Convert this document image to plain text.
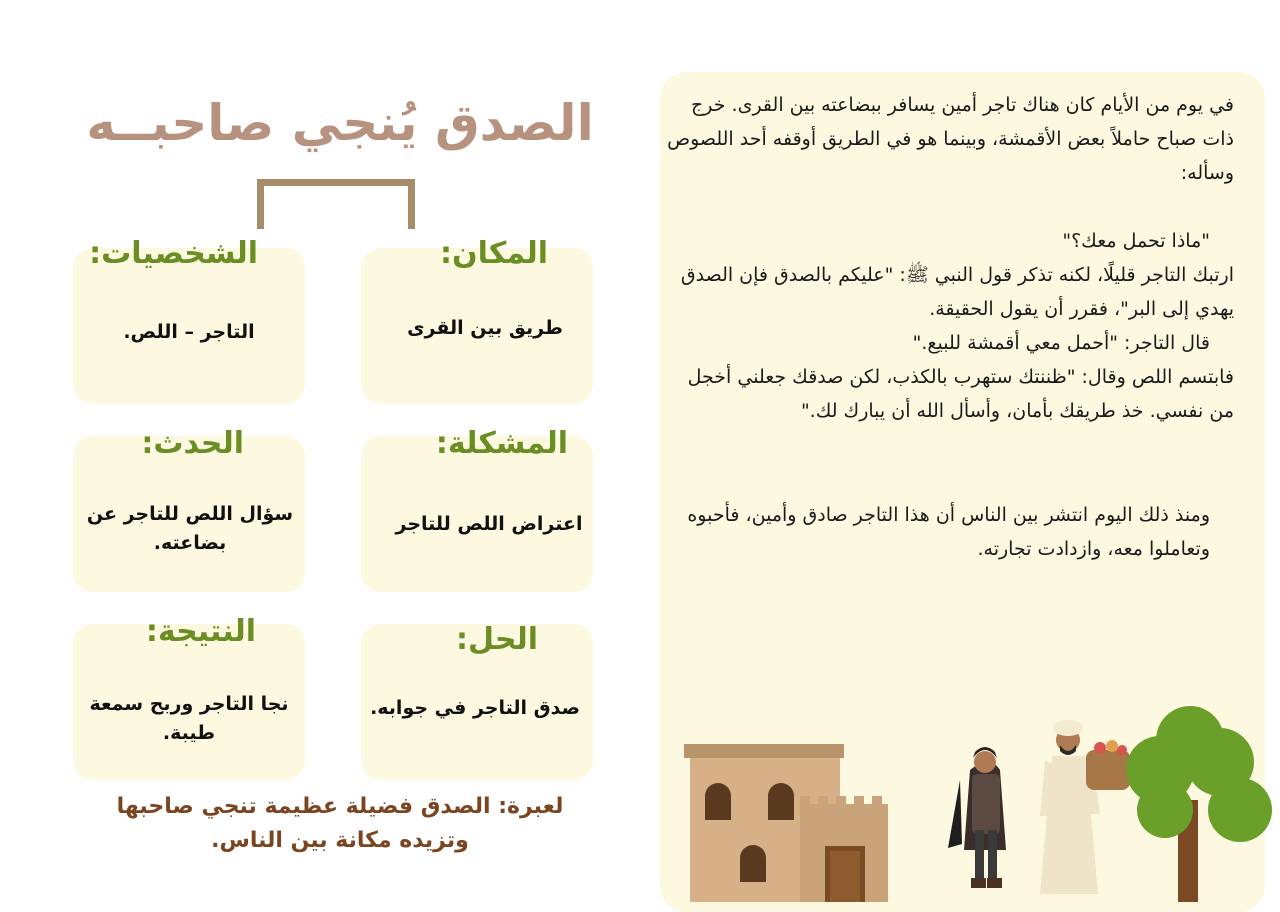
في يوم من الأيام كان هناك تاجر أمين يسافر ببضاعته بين القرى. خرج ذات صباح حاملاً بعض الأقمشة، وبينما هو في الطريق أوقفه أحد اللصوص وسأله:

"ماذا تحمل معك؟"

ارتبك التاجر قليلًا، لكنه تذكر قول النبي ﷺ: "عليكم بالصدق فإن الصدق يهدي إلى البر"، فقرر أن يقول الحقيقة.

قال التاجر: "أحمل معي أقمشة للبيع."

فابتسم اللص وقال: "ظننتك ستهرب بالكذب، لكن صدقك جعلني أخجل من نفسي. خذ طريقك بأمان، وأسأل الله أن يبارك لك."

ومنذ ذلك اليوم انتشر بين الناس أن هذا التاجر صادق وأمين، فأحبوه وتعاملوا معه، وازدادت تجارته.

الصدق يُنجي صاحبــه
المكان:
طريق بين القرى
الشخصيات:
التاجر – اللص.
المشكلة:
اعتراض اللص للتاجر
الحدث:
سؤال اللص للتاجر عن بضاعته.
الحل:
صدق التاجر في جوابه.
النتيجة:
نجا التاجر وربح سمعة طيبة.
لعبرة: الصدق فضيلة عظيمة تنجي صاحبها وتزيده مكانة بين الناس.
